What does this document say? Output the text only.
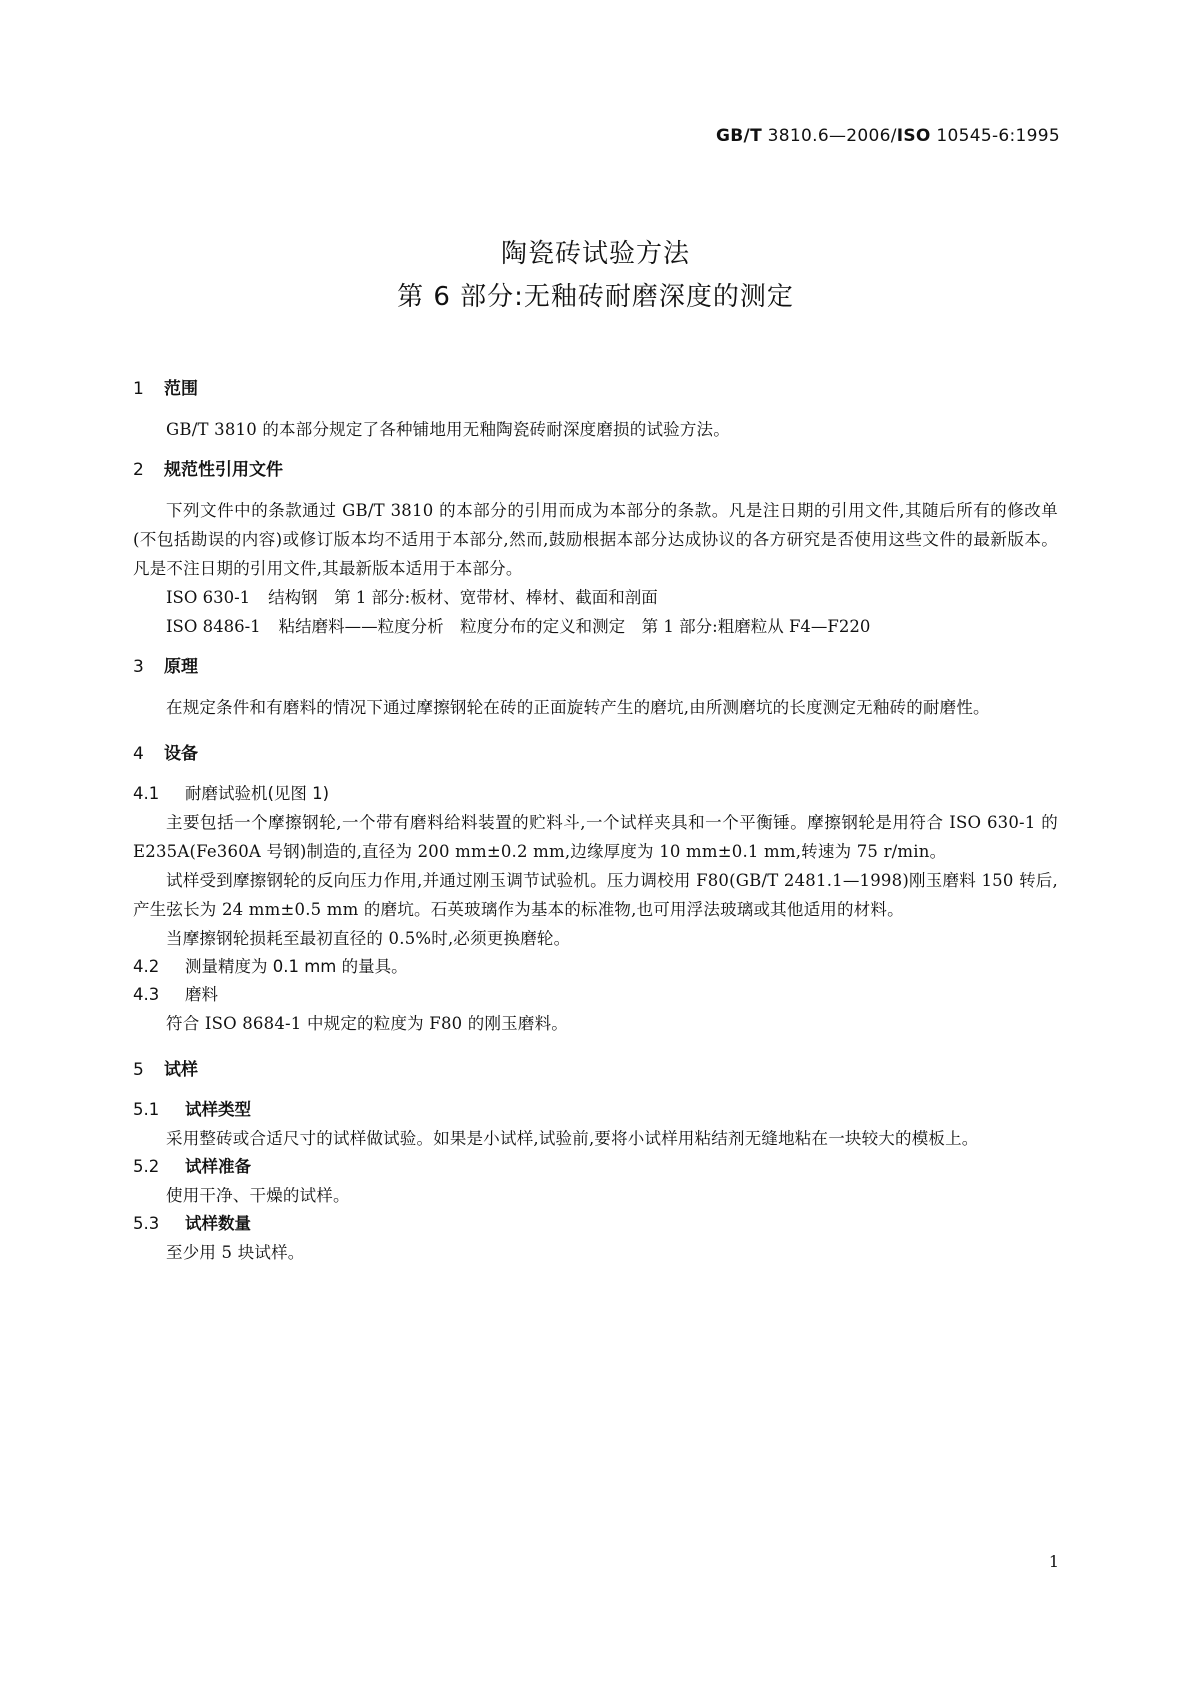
GB/T 3810.6—2006/ISO 10545-6:1995
陶瓷砖试验方法
第 6 部分:无釉砖耐磨深度的测定
1 范围

GB/T 3810 的本部分规定了各种铺地用无釉陶瓷砖耐深度磨损的试验方法。

2 规范性引用文件

下列文件中的条款通过 GB/T 3810 的本部分的引用而成为本部分的条款。凡是注日期的引用文件,其随后所有的修改单(不包括勘误的内容)或修订版本均不适用于本部分,然而,鼓励根据本部分达成协议的各方研究是否使用这些文件的最新版本。凡是不注日期的引用文件,其最新版本适用于本部分。

ISO 630-1 结构钢　第 1 部分:板材、宽带材、棒材、截面和剖面
ISO 8486-1 粘结磨料——粒度分析　粒度分布的定义和测定　第 1 部分:粗磨粒从 F4—F220
3 原理

在规定条件和有磨料的情况下通过摩擦钢轮在砖的正面旋转产生的磨坑,由所测磨坑的长度测定无釉砖的耐磨性。

4 设备
4.1 耐磨试验机(见图 1)

主要包括一个摩擦钢轮,一个带有磨料给料装置的贮料斗,一个试样夹具和一个平衡锤。摩擦钢轮是用符合 ISO 630-1 的 E235A(Fe360A 号钢)制造的,直径为 200 mm±0.2 mm,边缘厚度为 10 mm±0.1 mm,转速为 75 r/min。

试样受到摩擦钢轮的反向压力作用,并通过刚玉调节试验机。压力调校用 F80(GB/T 2481.1—1998)刚玉磨料 150 转后,产生弦长为 24 mm±0.5 mm 的磨坑。石英玻璃作为基本的标准物,也可用浮法玻璃或其他适用的材料。

当摩擦钢轮损耗至最初直径的 0.5%时,必须更换磨轮。

4.2 测量精度为 0.1 mm 的量具。
4.3 磨料

符合 ISO 8684-1 中规定的粒度为 F80 的刚玉磨料。

5 试样
5.1 试样类型

采用整砖或合适尺寸的试样做试验。如果是小试样,试验前,要将小试样用粘结剂无缝地粘在一块较大的模板上。

5.2 试样准备

使用干净、干燥的试样。

5.3 试样数量

至少用 5 块试样。

1
